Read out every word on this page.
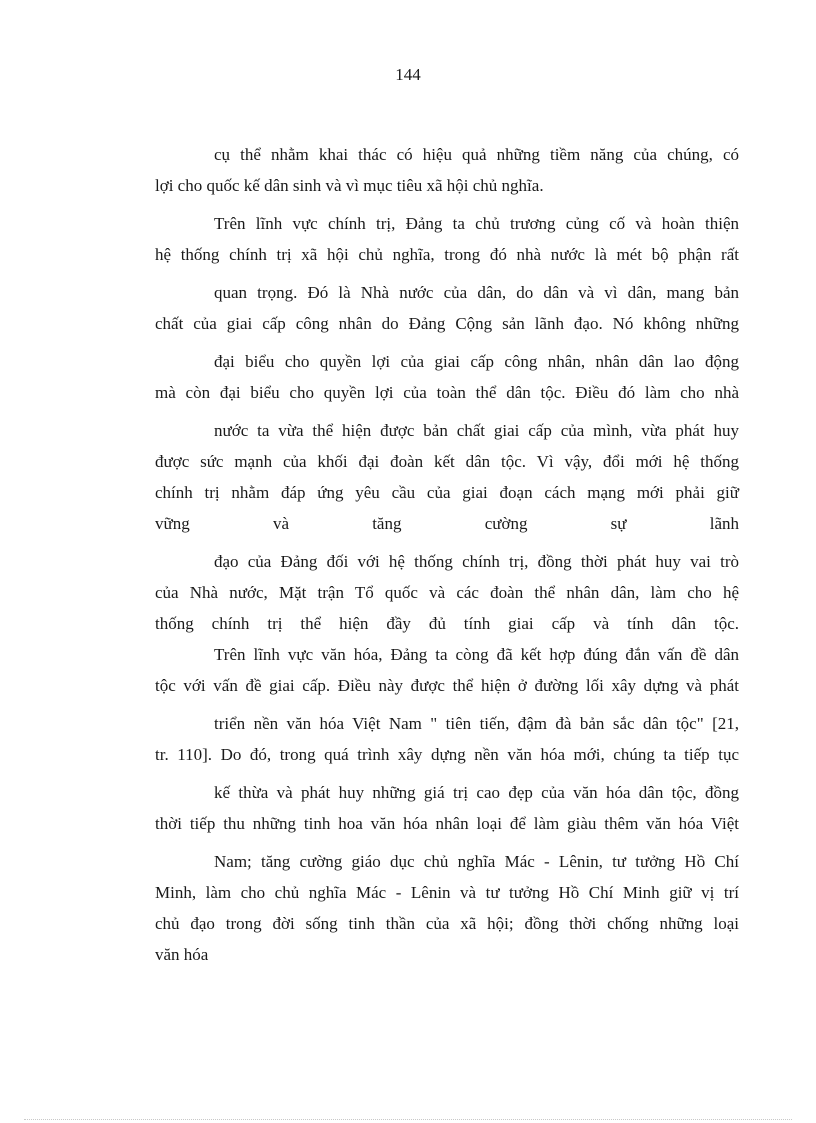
144
cụ thể nhằm khai thác có hiệu quả những tiềm năng của chúng, có
lợi cho quốc kế dân sinh và vì mục tiêu xã hội chủ nghĩa.
Trên lĩnh vực chính trị, Đảng ta chủ trương củng cố và hoàn thiện
hệ thống chính trị xã hội chủ nghĩa, trong đó nhà nước là mét bộ phận rất
quan trọng. Đó là Nhà nước của dân, do dân và vì dân, mang bản
chất của giai cấp công nhân do Đảng Cộng sản lãnh đạo. Nó không những
đại biểu cho quyền lợi của giai cấp công nhân, nhân dân lao động
mà còn đại biểu cho quyền lợi của toàn thể dân tộc. Điều đó làm cho nhà
nước ta vừa thể hiện được bản chất giai cấp của mình, vừa phát huy
được sức mạnh của khối đại đoàn kết dân tộc. Vì vậy, đổi mới hệ thống
chính trị nhằm đáp ứng yêu cầu của giai đoạn cách mạng mới phải giữ
vững và tăng cường sự lãnh
đạo của Đảng đối với hệ thống chính trị, đồng thời phát huy vai trò
của Nhà nước, Mặt trận Tổ quốc và các đoàn thể nhân dân, làm cho hệ
thống chính trị thể hiện đầy đủ tính giai cấp và tính dân tộc.
Trên lĩnh vực văn hóa, Đảng ta còng đã kết hợp đúng đắn vấn đề dân
tộc với vấn đề giai cấp. Điều này được thể hiện ở đường lối xây dựng và phát
triển nền văn hóa Việt Nam " tiên tiến, đậm đà bản sắc dân tộc" [21,
tr. 110]. Do đó, trong quá trình xây dựng nền văn hóa mới, chúng ta tiếp tục
kế thừa và phát huy những giá trị cao đẹp của văn hóa dân tộc, đồng
thời tiếp thu những tinh hoa văn hóa nhân loại để làm giàu thêm văn hóa Việt
Nam; tăng cường giáo dục chủ nghĩa Mác - Lênin, tư tưởng Hồ Chí
Minh, làm cho chủ nghĩa Mác - Lênin và tư tưởng Hồ Chí Minh giữ vị trí
chủ đạo trong đời sống tinh thần của xã hội; đồng thời chống những loại
văn hóa
